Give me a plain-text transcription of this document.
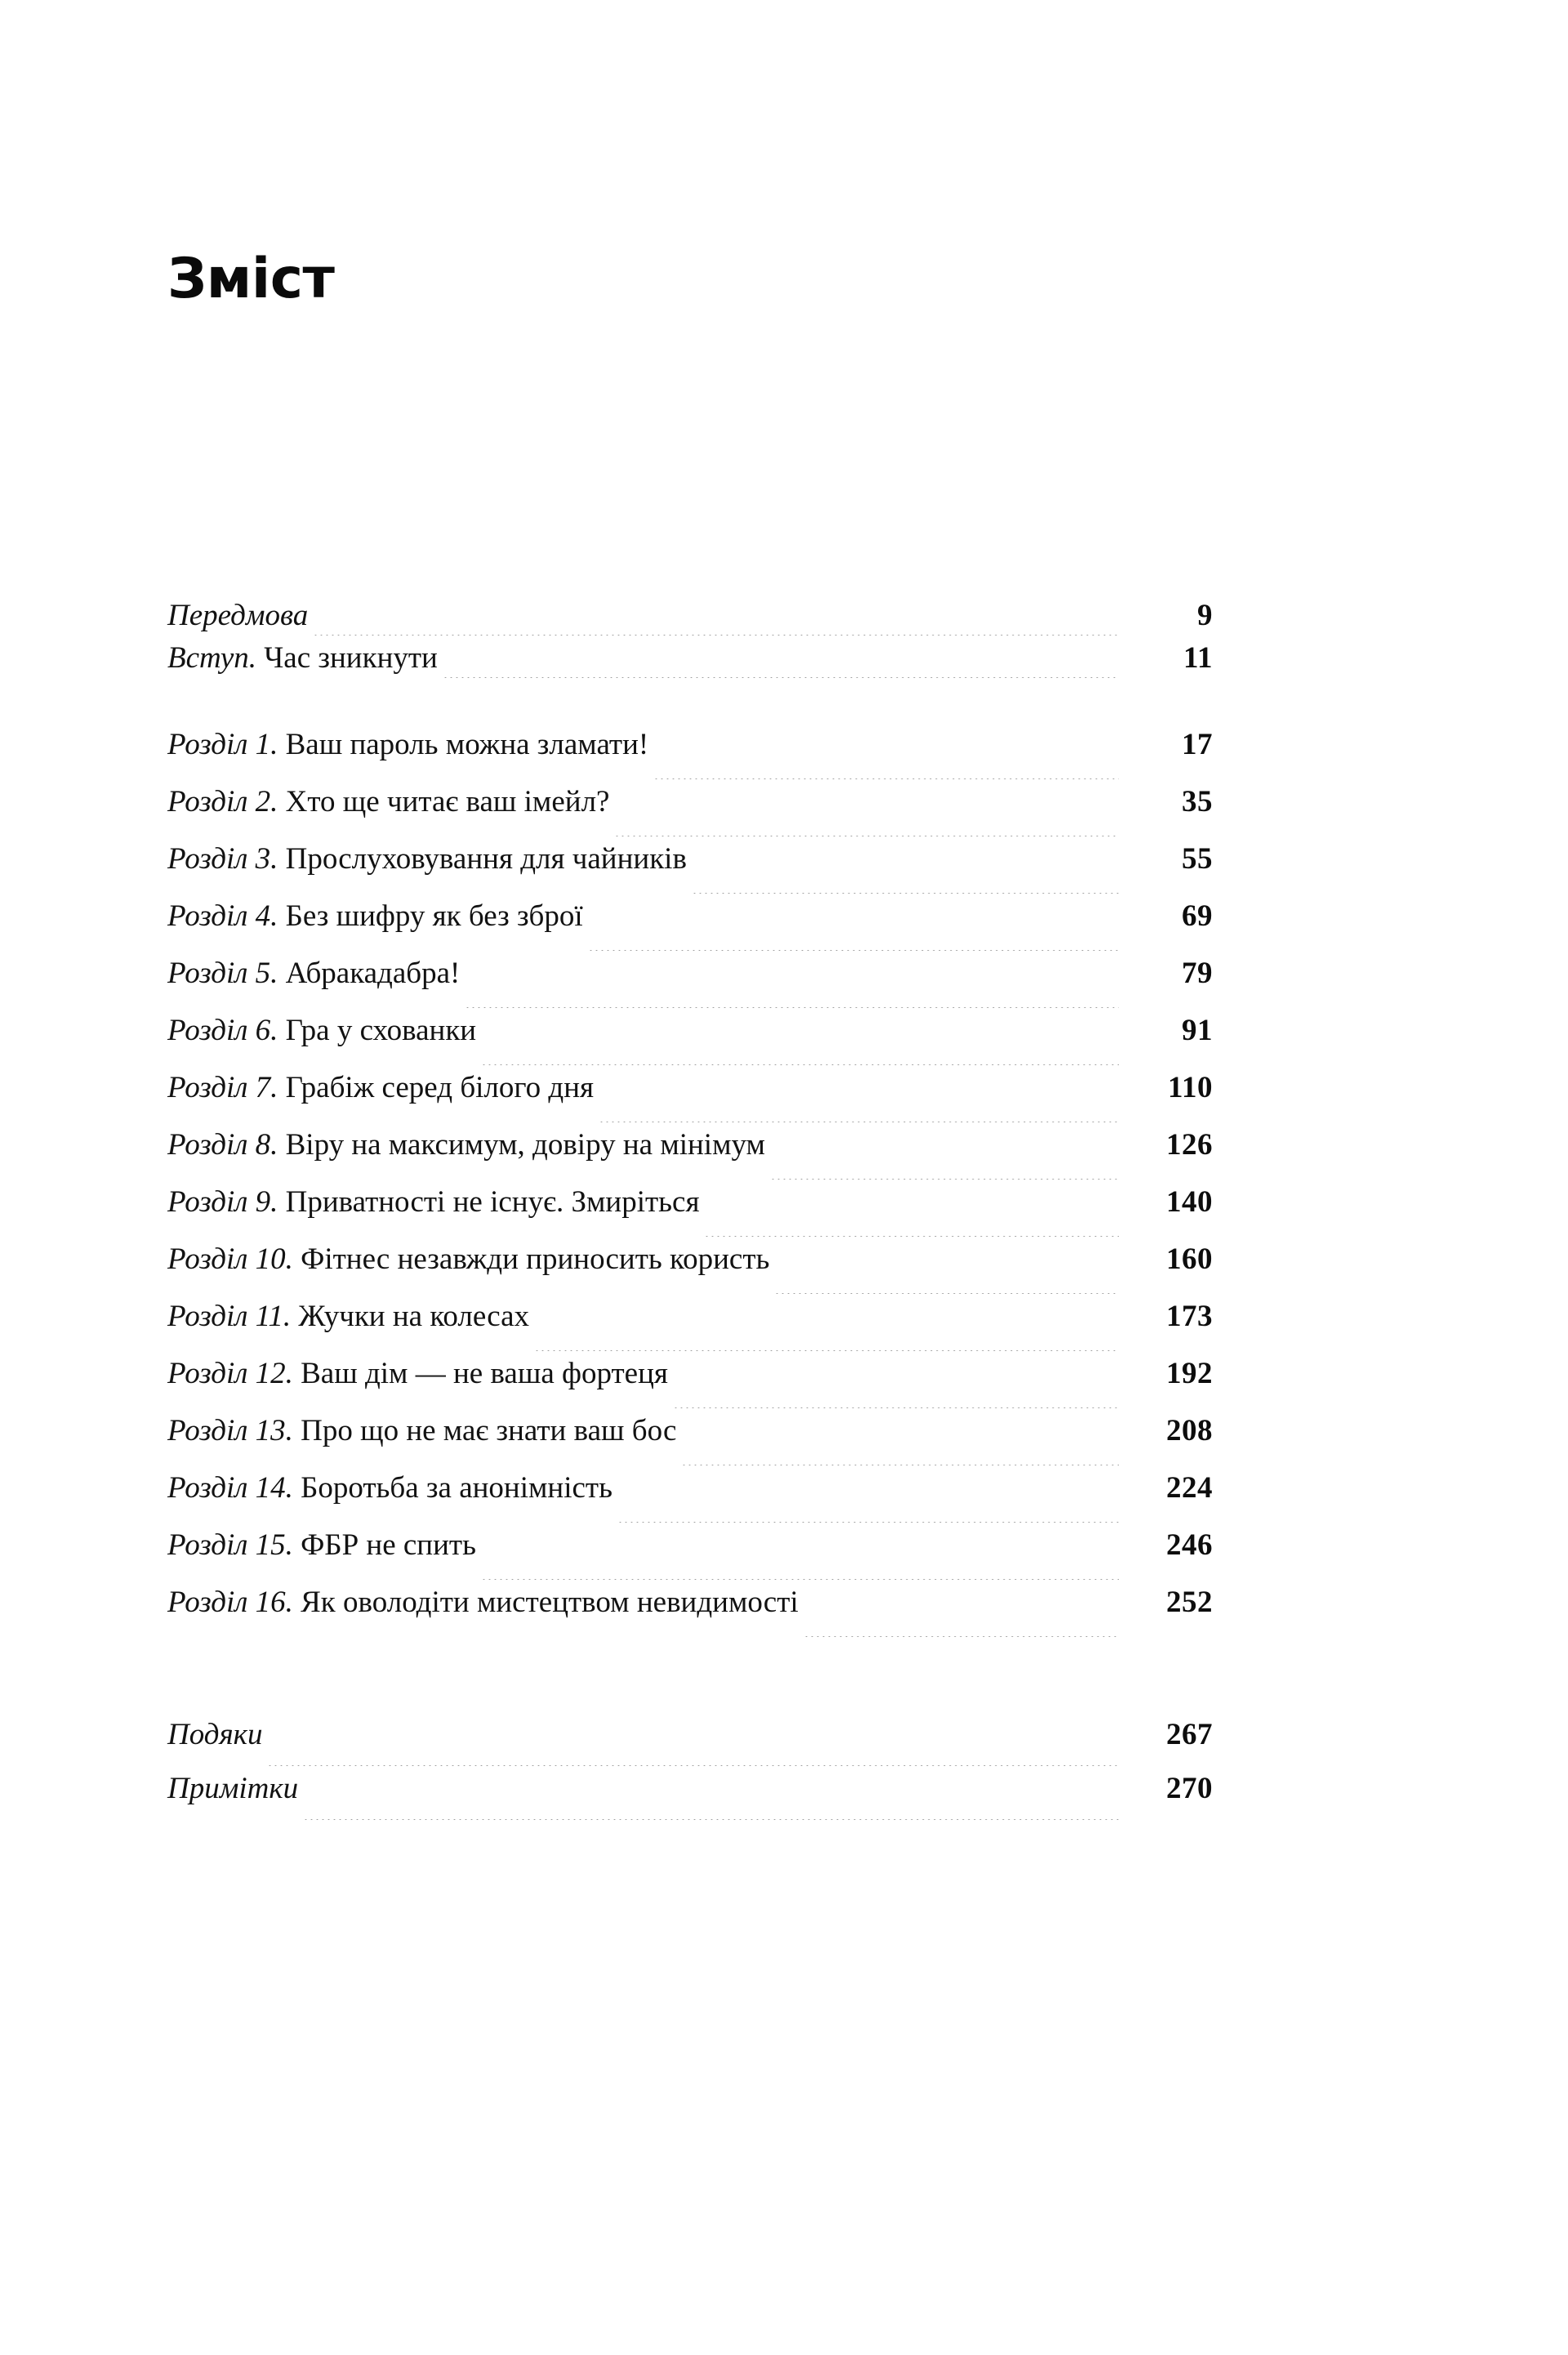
Зміст
Передмова	9
Вступ. Час зникнути	11
Розділ 1. Ваш пароль можна зламати!	17
Розділ 2. Хто ще читає ваш імейл?	35
Розділ 3. Прослуховування для чайників	55
Розділ 4. Без шифру як без зброї	69
Розділ 5. Абракадабра!	79
Розділ 6. Гра у схованки	91
Розділ 7. Грабіж серед білого дня	110
Розділ 8. Віру на максимум, довіру на мінімум	126
Розділ 9. Приватності не існує. Змиріться	140
Розділ 10. Фітнес незавжди приносить користь	160
Розділ 11. Жучки на колесах	173
Розділ 12. Ваш дім — не ваша фортеця	192
Розділ 13. Про що не має знати ваш бос	208
Розділ 14. Боротьба за анонімність	224
Розділ 15. ФБР не спить	246
Розділ 16. Як оволодіти мистецтвом невидимості	252
Подяки	267
Примітки	270
